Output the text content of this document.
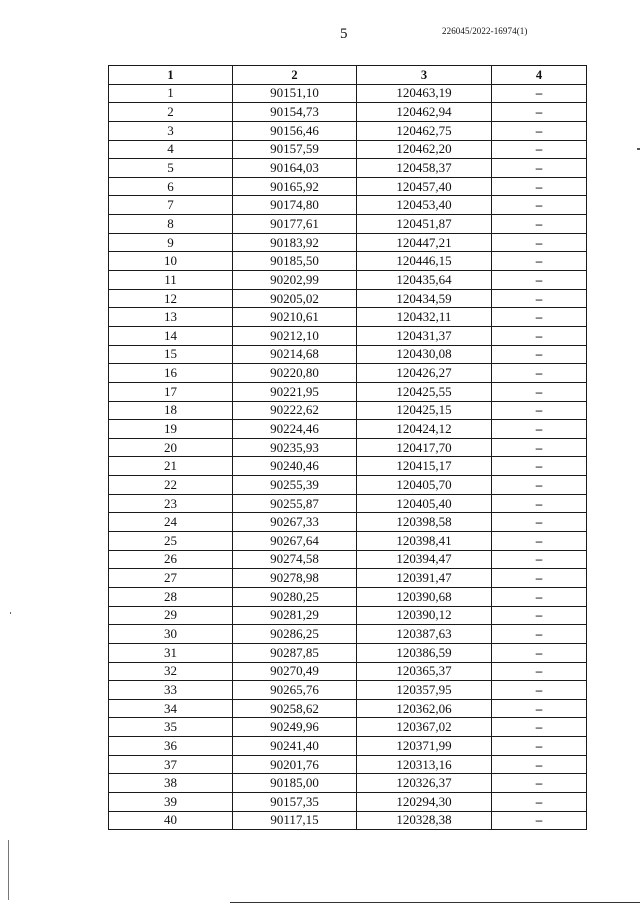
5	226045/2022-16974(1)
1	2	3	4
1	90151,10	120463,19	–
2	90154,73	120462,94	–
3	90156,46	120462,75	–
4	90157,59	120462,20	–
5	90164,03	120458,37	–
6	90165,92	120457,40	–
7	90174,80	120453,40	–
8	90177,61	120451,87	–
9	90183,92	120447,21	–
10	90185,50	120446,15	–
11	90202,99	120435,64	–
12	90205,02	120434,59	–
13	90210,61	120432,11	–
14	90212,10	120431,37	–
15	90214,68	120430,08	–
16	90220,80	120426,27	–
17	90221,95	120425,55	–
18	90222,62	120425,15	–
19	90224,46	120424,12	–
20	90235,93	120417,70	–
21	90240,46	120415,17	–
22	90255,39	120405,70	–
23	90255,87	120405,40	–
24	90267,33	120398,58	–
25	90267,64	120398,41	–
26	90274,58	120394,47	–
27	90278,98	120391,47	–
28	90280,25	120390,68	–
29	90281,29	120390,12	–
30	90286,25	120387,63	–
31	90287,85	120386,59	–
32	90270,49	120365,37	–
33	90265,76	120357,95	–
34	90258,62	120362,06	–
35	90249,96	120367,02	–
36	90241,40	120371,99	–
37	90201,76	120313,16	–
38	90185,00	120326,37	–
39	90157,35	120294,30	–
40	90117,15	120328,38	–
